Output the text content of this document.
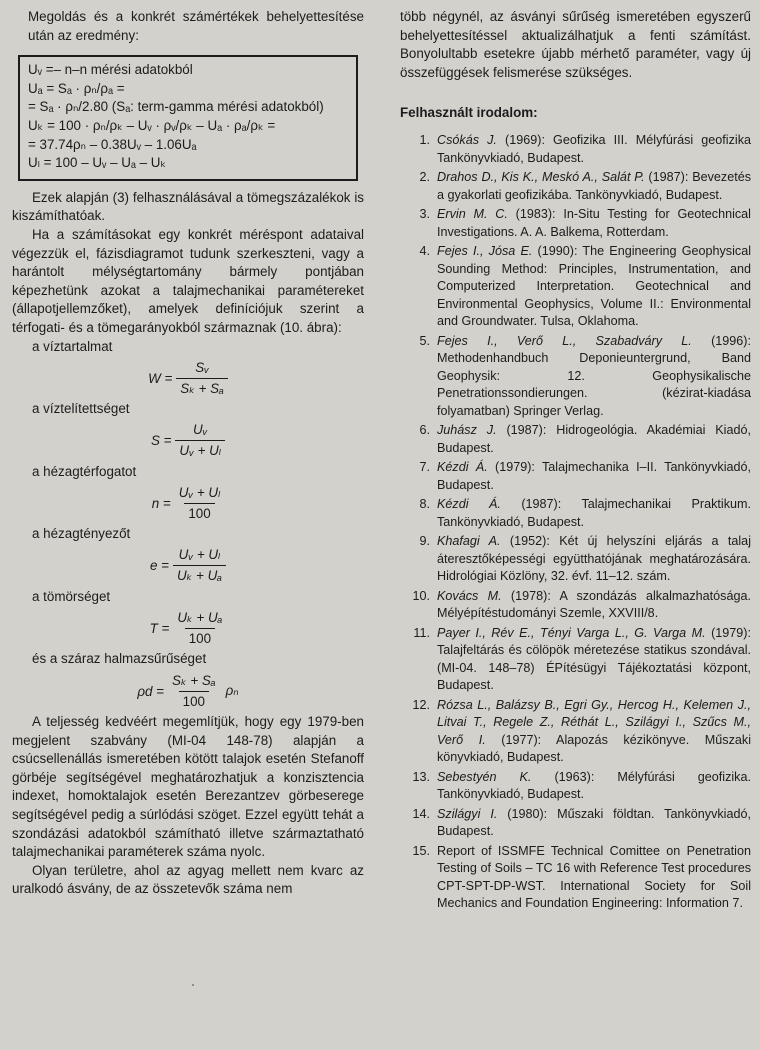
Megoldás és a konkrét számértékek behelyettesítése után az eredmény:

Uᵥ =– n–n mérési adatokból
Uₐ = Sₐ · ρₙ/ρₐ =
= Sₐ · ρₙ/2.80 (Sₐ: term-gamma mérési adatokból)
Uₖ = 100 · ρₙ/ρₖ – Uᵥ · ρᵥ/ρₖ – Uₐ · ρₐ/ρₖ =
= 37.74ρₙ – 0.38Uᵥ – 1.06Uₐ
Uₗ = 100 – Uᵥ – Uₐ – Uₖ

Ezek alapján (3) felhasználásával a tömegszázalékok is kiszámíthatóak.

Ha a számításokat egy konkrét méréspont adataival végezzük el, fázisdiagramot tudunk szerkeszteni, vagy a harántolt mélységtartomány bármely pontjában képezhetünk azokat a talajmechanikai paramétereket (állapotjellemzőket), amelyek definíciójuk szerint a térfogati- és a tömegarányokból származnak (10. ábra):

a víztartalmat
$W = \frac{\text{Sᵥ}}{\text{Sₖ + Sₐ}}$
a víztelítettséget
$S = \frac{\text{Uᵥ}}{\text{Uᵥ + Uₗ}}$
a hézagtérfogatot
$n = \frac{\text{Uᵥ + Uₗ}}{100}$
a hézagtényezőt
$e = \frac{\text{Uᵥ + Uₗ}}{\text{Uₖ + Uₐ}}$
a tömörséget
$T = \frac{\text{Uₖ + Uₐ}}{100}$
és a száraz halmazsűrűséget
$\rho d = \frac{\text{Sₖ + Sₐ}}{100}$ ρₙ

A teljesség kedvéért megemlítjük, hogy egy 1979-ben megjelent szabvány (MI-04 148-78) alapján a csúcsellenállás ismeretében kötött talajok esetén Stefanoff görbéje segítségével meghatározhatjuk a konzisztencia indexet, homoktalajok esetén Berezantzev görbeserege segítségével pedig a súrlódási szöget. Ezzel együtt tehát a szondázási adatokból számítható illetve származtatható talajmechanikai paraméterek száma nyolc.

Olyan területre, ahol az agyag mellett nem kvarc az uralkodó ásvány, de az összetevők száma nem

több négynél, az ásványi sűrűség ismeretében egyszerű behelyettesítéssel aktualizálhatjuk a fenti számítást. Bonyolultabb esetekre újabb mérhető paraméter, vagy új összefüggések felismerése szükséges.

Felhasznált irodalom:
1. Csókás J. (1969): Geofizika III. Mélyfúrási geofizika Tankönyvkiadó, Budapest.
2. Drahos D., Kis K., Meskó A., Salát P. (1987): Bevezetés a gyakorlati geofizikába. Tankönyvkiadó, Budapest.
3. Ervin M. C. (1983): In-Situ Testing for Geotechnical Investigations. A. A. Balkema, Rotterdam.
4. Fejes I., Jósa E. (1990): The Engineering Geophysical Sounding Method: Principles, Instrumentation, and Computerized Interpretation. Geotechnical and Environmental Geophysics, Volume II.: Environmental and Groundwater. Tulsa, Oklahoma.
5. Fejes I., Verő L., Szabadváry L. (1996): Methodenhandbuch Deponieuntergrund, Band Geophysik: 12. Geophysikalische Penetrationssondierungen. (kézirat-kiadása folyamatban) Springer Verlag.
6. Juhász J. (1987): Hidrogeológia. Akadémiai Kiadó, Budapest.
7. Kézdi Á. (1979): Talajmechanika I–II. Tankönyvkiadó, Budapest.
8. Kézdi Á. (1987): Talajmechanikai Praktikum. Tankönyvkiadó, Budapest.
9. Khafagi A. (1952): Két új helyszíni eljárás a talaj áteresztőképességi együtthatójának meghatározására. Hidrológiai Közlöny, 32. évf. 11–12. szám.
10. Kovács M. (1978): A szondázás alkalmazhatósága. Mélyépítéstudományi Szemle, XXVIII/8.
11. Payer I., Rév E., Tényi Varga L., G. Varga M. (1979): Talajfeltárás és cölöpök méretezése statikus szondával. (MI-04. 148–78) ÉPítésügyi Tájékoztatási központ, Budapest.
12. Rózsa L., Balázsy B., Egri Gy., Hercog H., Kelemen J., Litvai T., Regele Z., Réthát L., Szilágyi I., Szűcs M., Verő I. (1977): Alapozás kézikönyve. Műszaki könyvkiadó, Budapest.
13. Sebestyén K. (1963): Mélyfúrási geofizika. Tankönyvkiadó, Budapest.
14. Szilágyi I. (1980): Műszaki földtan. Tankönyvkiadó, Budapest.
15. Report of ISSMFE Technical Comittee on Penetration Testing of Soils – TC 16 with Reference Test procedures CPT-SPT-DP-WST. International Society for Soil Mechanics and Foundation Engineering: Information 7.
